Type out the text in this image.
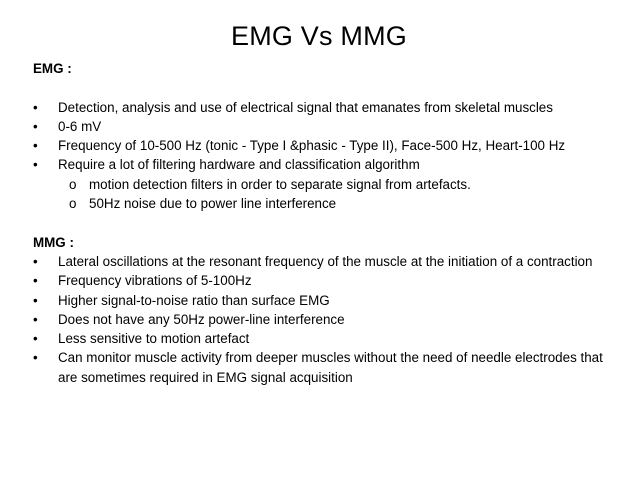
EMG Vs MMG
EMG :
•	Detection, analysis and use of electrical signal that emanates from skeletal muscles
•	0-6 mV
•	Frequency of 10-500 Hz (tonic - Type I &phasic - Type II), Face-500 Hz, Heart-100 Hz
•	Require a lot of filtering hardware and classification algorithm
o motion detection filters in order to separate signal from artefacts.
o 50Hz noise due to power line interference
MMG :
•	Lateral oscillations at the resonant frequency of the muscle at the initiation of a contraction
•	Frequency vibrations of 5-100Hz
•	Higher signal-to-noise ratio than surface EMG
•	Does not have any 50Hz power-line interference
•	Less sensitive to motion artefact
•	Can monitor muscle activity from deeper muscles without the need of needle electrodes that are sometimes required in EMG signal acquisition
